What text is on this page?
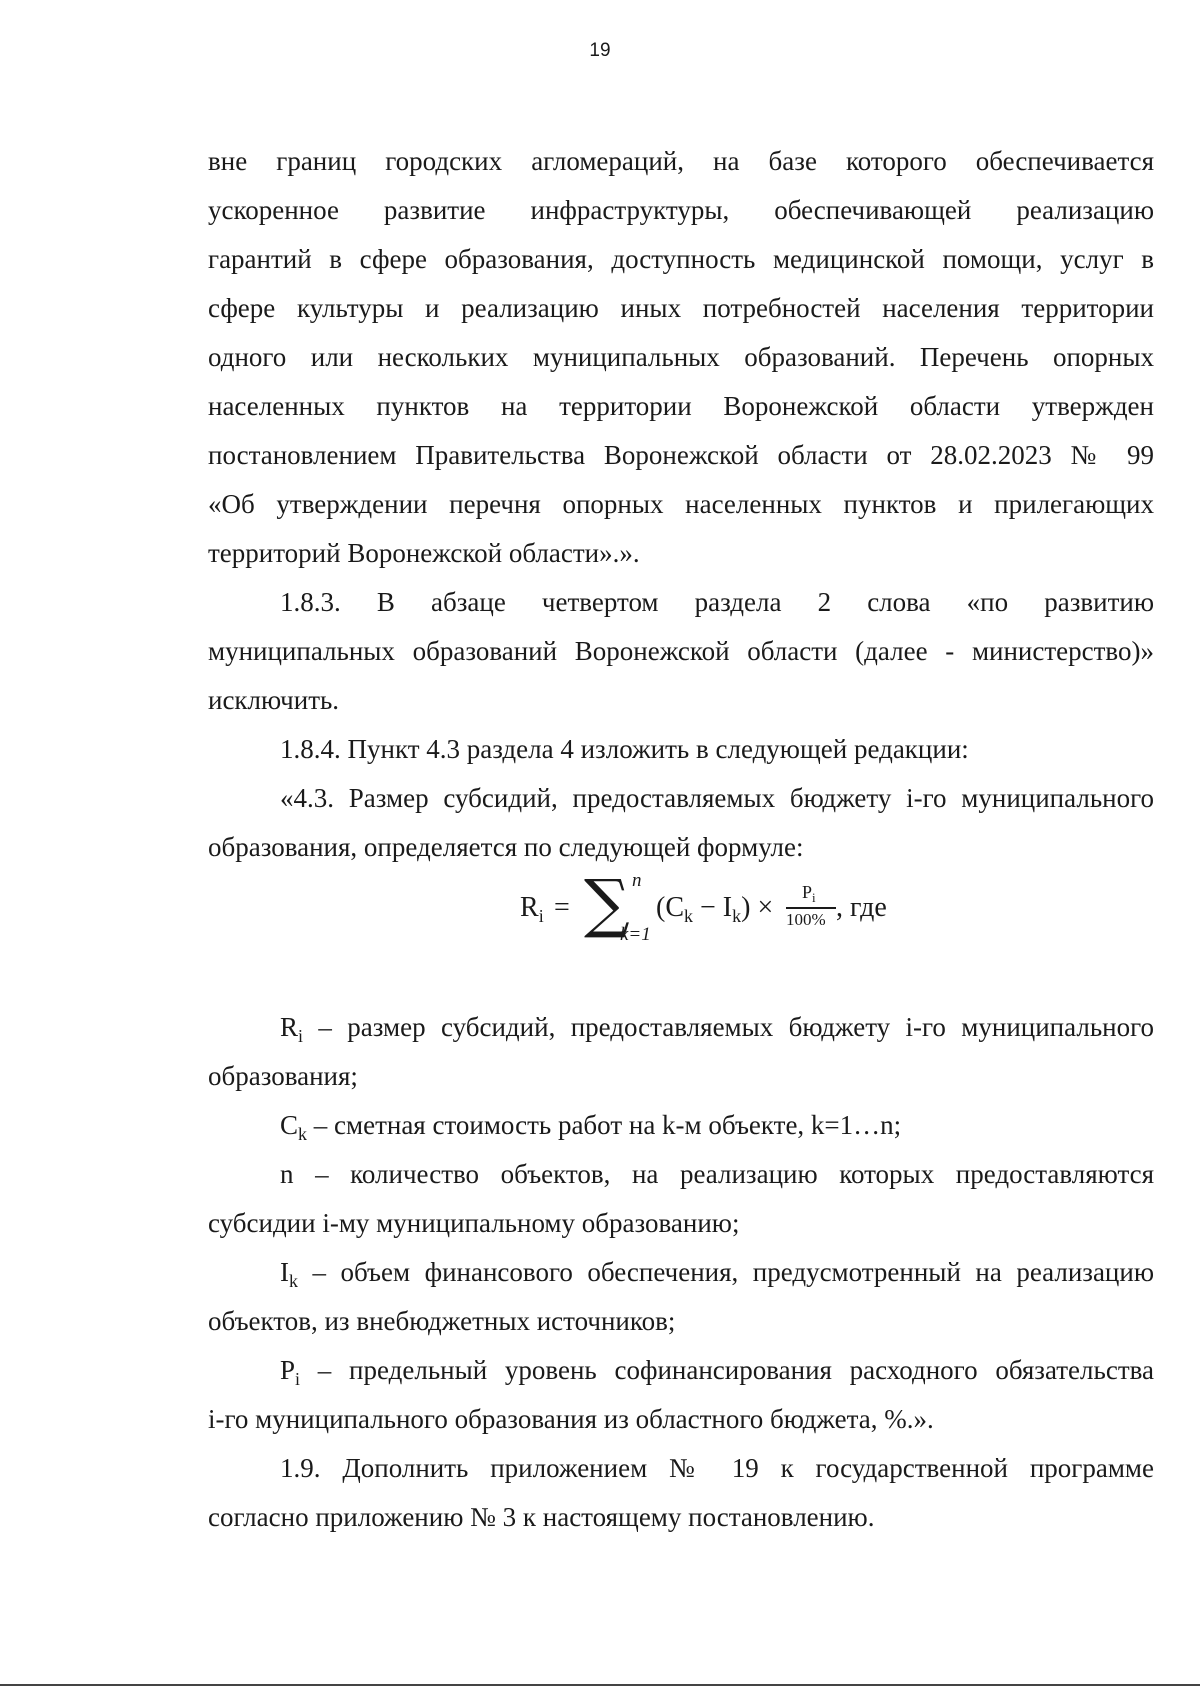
19
вне границ городских агломераций, на базе которого обеспечивается
ускоренное развитие инфраструктуры, обеспечивающей реализацию
гарантий в сфере образования, доступность медицинской помощи, услуг в
сфере культуры и реализацию иных потребностей населения территории
одного или нескольких муниципальных образований. Перечень опорных
населенных пунктов на территории Воронежской области утвержден
постановлением Правительства Воронежской области от 28.02.2023 № 99
«Об утверждении перечня опорных населенных пунктов и прилегающих
территорий Воронежской области».».
1.8.3. В абзаце четвертом раздела 2 слова «по развитию
муниципальных образований Воронежской области (далее - министерство)»
исключить.
1.8.4. Пункт 4.3 раздела 4 изложить в следующей редакции:
«4.3. Размер субсидий, предоставляемых бюджету i-го муниципального
образования, определяется по следующей формуле:
$R_i$ = ∑ n
k=1
$(C_k - I_k) \times P_i$
100% , где
$R_i$ – размер субсидий, предоставляемых бюджету i-го муниципального
образования;
$C_k$ – сметная стоимость работ на k-м объекте, k=1…n;
n – количество объектов, на реализацию которых предоставляются
субсидии i-му муниципальному образованию;
$I_k$ – объем финансового обеспечения, предусмотренный на реализацию
объектов, из внебюджетных источников;
$P_i$ – предельный уровень софинансирования расходного обязательства
i-го муниципального образования из областного бюджета, %.».
1.9. Дополнить приложением № 19 к государственной программе
согласно приложению № 3 к настоящему постановлению.
